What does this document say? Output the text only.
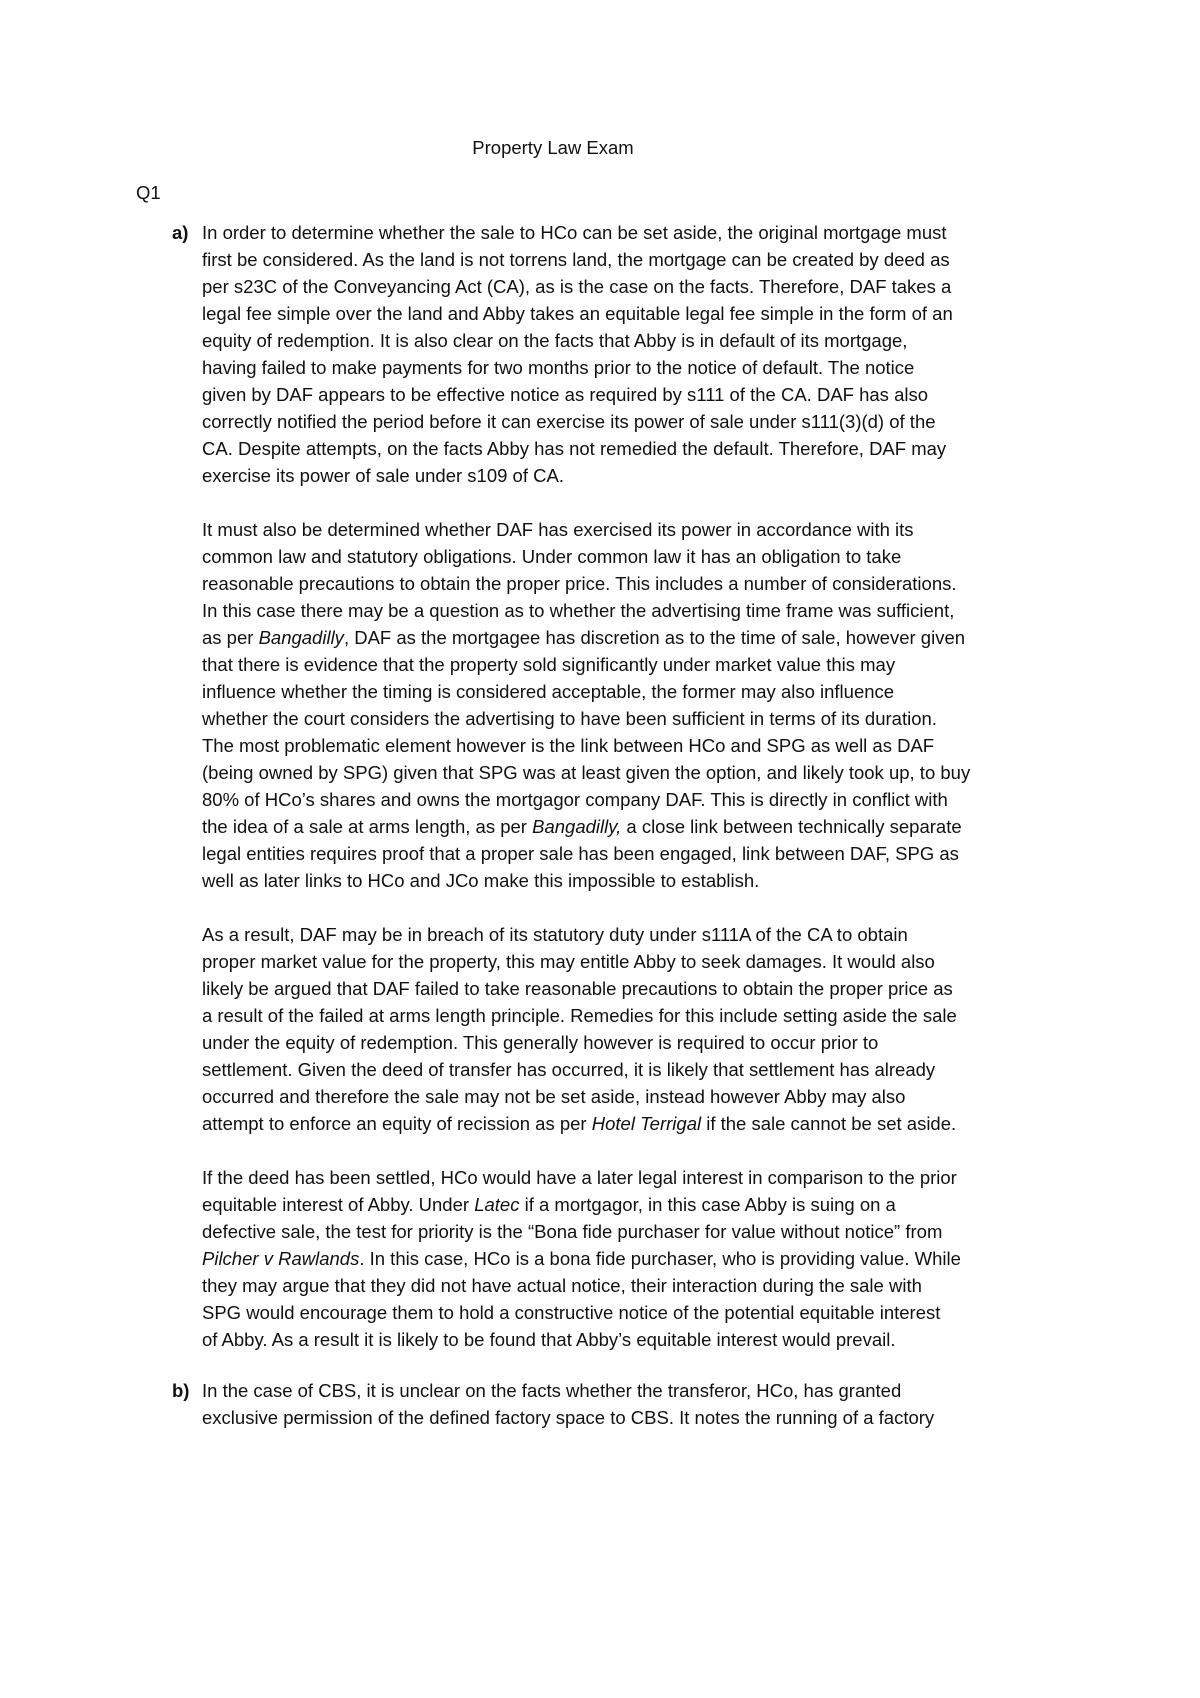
Property Law Exam
Q1
a) In order to determine whether the sale to HCo can be set aside, the original mortgage must
first be considered. As the land is not torrens land, the mortgage can be created by deed as
per s23C of the Conveyancing Act (CA), as is the case on the facts. Therefore, DAF takes a
legal fee simple over the land and Abby takes an equitable legal fee simple in the form of an
equity of redemption. It is also clear on the facts that Abby is in default of its mortgage,
having failed to make payments for two months prior to the notice of default. The notice
given by DAF appears to be effective notice as required by s111 of the CA. DAF has also
correctly notified the period before it can exercise its power of sale under s111(3)(d) of the
CA. Despite attempts, on the facts Abby has not remedied the default. Therefore, DAF may
exercise its power of sale under s109 of CA.
It must also be determined whether DAF has exercised its power in accordance with its
common law and statutory obligations. Under common law it has an obligation to take
reasonable precautions to obtain the proper price. This includes a number of considerations.
In this case there may be a question as to whether the advertising time frame was sufficient,
as per Bangadilly, DAF as the mortgagee has discretion as to the time of sale, however given
that there is evidence that the property sold significantly under market value this may
influence whether the timing is considered acceptable, the former may also influence
whether the court considers the advertising to have been sufficient in terms of its duration.
The most problematic element however is the link between HCo and SPG as well as DAF
(being owned by SPG) given that SPG was at least given the option, and likely took up, to buy
80% of HCo’s shares and owns the mortgagor company DAF. This is directly in conflict with
the idea of a sale at arms length, as per Bangadilly, a close link between technically separate
legal entities requires proof that a proper sale has been engaged, link between DAF, SPG as
well as later links to HCo and JCo make this impossible to establish.
As a result, DAF may be in breach of its statutory duty under s111A of the CA to obtain
proper market value for the property, this may entitle Abby to seek damages. It would also
likely be argued that DAF failed to take reasonable precautions to obtain the proper price as
a result of the failed at arms length principle. Remedies for this include setting aside the sale
under the equity of redemption. This generally however is required to occur prior to
settlement. Given the deed of transfer has occurred, it is likely that settlement has already
occurred and therefore the sale may not be set aside, instead however Abby may also
attempt to enforce an equity of recission as per Hotel Terrigal if the sale cannot be set aside.
If the deed has been settled, HCo would have a later legal interest in comparison to the prior
equitable interest of Abby. Under Latec if a mortgagor, in this case Abby is suing on a
defective sale, the test for priority is the “Bona fide purchaser for value without notice” from
Pilcher v Rawlands. In this case, HCo is a bona fide purchaser, who is providing value. While
they may argue that they did not have actual notice, their interaction during the sale with
SPG would encourage them to hold a constructive notice of the potential equitable interest
of Abby. As a result it is likely to be found that Abby’s equitable interest would prevail.
b) In the case of CBS, it is unclear on the facts whether the transferor, HCo, has granted
exclusive permission of the defined factory space to CBS. It notes the running of a factory
